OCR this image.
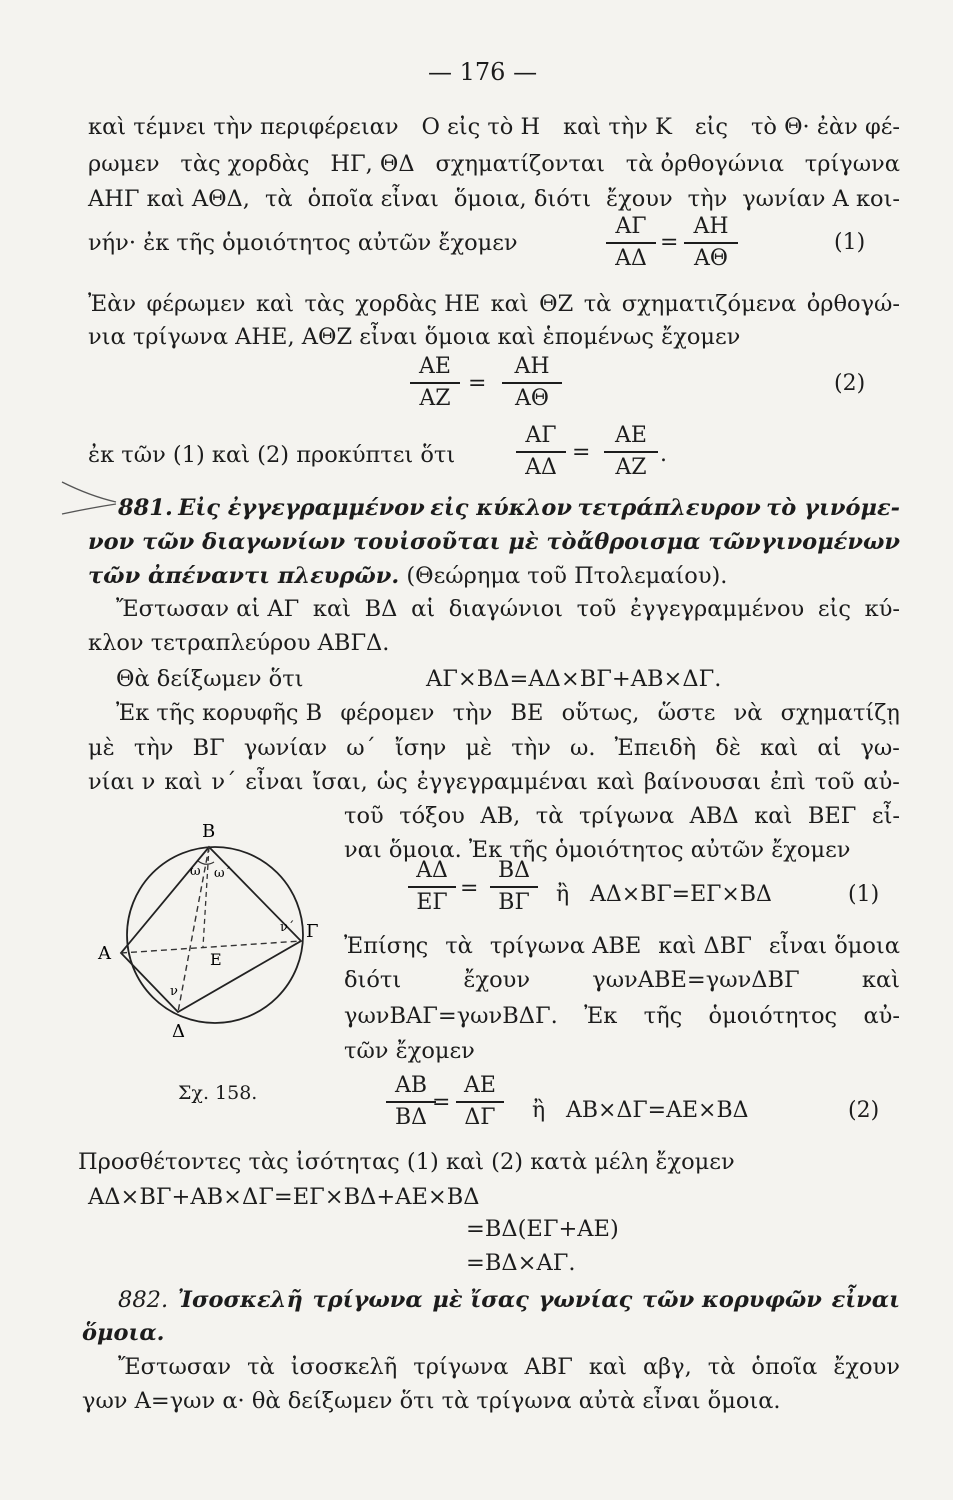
— 176 —
καὶ τέμνει τὴν περιφέρειαν Ο εἰς τὸ Η καὶ τὴν Κ εἰς τὸ Θ· ἐὰν φέ-
ρωμεν τὰς χορδὰς ΗΓ, ΘΔ σχηματίζονται τὰ ὀρθογώνια τρίγωνα
ΑΗΓ καὶ ΑΘΔ, τὰ ὁποῖα εἶναι ὅμοια, διότι ἔχουν τὴν γωνίαν Α κοι-
νήν· ἐκ τῆς ὁμοιότητος αὐτῶν ἔχομεν
ΑΓ
ΑΔ
=
ΑΗ
ΑΘ
(1)
Ἐὰν φέρωμεν καὶ τὰς χορδὰς ΗΕ καὶ ΘΖ τὰ σχηματιζόμενα ὀρθογώ-
νια τρίγωνα ΑΗΕ, ΑΘΖ εἶναι ὅμοια καὶ ἑπομένως ἔχομεν
ΑΕ
ΑΖ
=
ΑΗ
ΑΘ
(2)
ἐκ τῶν (1) καὶ (2) προκύπτει ὅτι
ΑΓ
ΑΔ
=
ΑΕ
ΑΖ
.
881. Εἰς ἐγγεγραμμένον εἰς κύκλον τετράπλευρον τὸ γινόμε-
νον τῶν διαγωνίων του ἰσοῦται μὲ τὸ ἄθροισμα τῶν γινομένων
τῶν ἀπέναντι πλευρῶν. (Θεώρημα τοῦ Πτολεμαίου).
Ἔστωσαν αἱ ΑΓ καὶ ΒΔ αἱ διαγώνιοι τοῦ ἐγγεγραμμένου εἰς κύ-
κλον τετραπλεύρου ΑΒΓΔ.
Θὰ δείξωμεν ὅτι	ΑΓ×ΒΔ=ΑΔ×ΒΓ+ΑΒ×ΔΓ.
Ἐκ τῆς κορυφῆς Β φέρομεν τὴν ΒΕ οὕτως, ὥστε νὰ σχηματίζῃ
μὲ τὴν ΒΓ γωνίαν ω΄ ἴσην μὲ τὴν ω. Ἐπειδὴ δὲ καὶ αἱ γω-
νίαι ν καὶ ν΄ εἶναι ἴσαι, ὡς ἐγγεγραμμέναι καὶ βαίνουσαι ἐπὶ τοῦ αὐ-
τοῦ τόξου ΑΒ, τὰ τρίγωνα ΑΒΔ καὶ ΒΕΓ εἶ-
ναι ὅμοια. Ἐκ τῆς ὁμοιότητος αὐτῶν ἔχομεν
ΑΔ
ΕΓ
=
ΒΔ
ΒΓ	ἢ ΑΔ×ΒΓ=ΕΓ×ΒΔ	(1)
Ἐπίσης τὰ τρίγωνα ΑΒΕ καὶ ΔΒΓ εἶναι ὅμοια
διότι	ἔχουν	γωνΑΒΕ=γωνΔΒΓ	καὶ
γωνΒΑΓ=γωνΒΔΓ. Ἐκ τῆς ὁμοιότητος αὐ-
τῶν ἔχομεν
Σχ. 158.	ΑΒ
ΒΔ
=
ΑΕ
ΔΓ	ἢ ΑΒ×ΔΓ=ΑΕ×ΒΔ	(2)
Προσθέτοντες τὰς ἰσότητας (1) καὶ (2) κατὰ μέλη ἔχομεν
ΑΔ×ΒΓ+ΑΒ×ΔΓ=ΕΓ×ΒΔ+ΑΕ×ΒΔ
=ΒΔ(ΕΓ+ΑΕ)
=ΒΔ×ΑΓ.
882. Ἰσοσκελῆ τρίγωνα μὲ ἴσας γωνίας τῶν κορυφῶν εἶναι
ὅμοια.
Ἔστωσαν τὰ ἰσοσκελῆ τρίγωνα ΑΒΓ καὶ αβγ, τὰ ὁποῖα ἔχουν
γων Α=γων α· θὰ δείξωμεν ὅτι τὰ τρίγωνα αὐτὰ εἶναι ὅμοια.
Β
Α
Γ
Δ
Ε
ω ω΄
ν΄
ν
